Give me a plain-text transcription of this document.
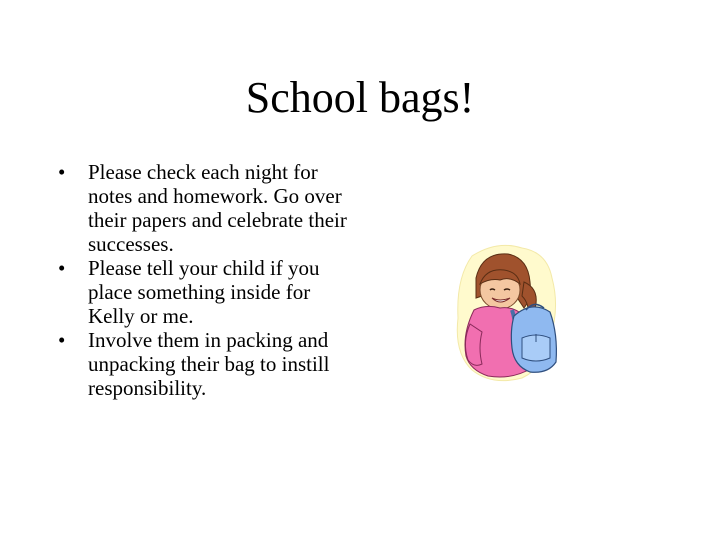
School bags!
•	Please check each night for notes and homework. Go over their papers and celebrate their successes.
•	Please tell your child if you place something inside for Kelly or me.
•	Involve them in packing and unpacking their bag to instill responsibility.
